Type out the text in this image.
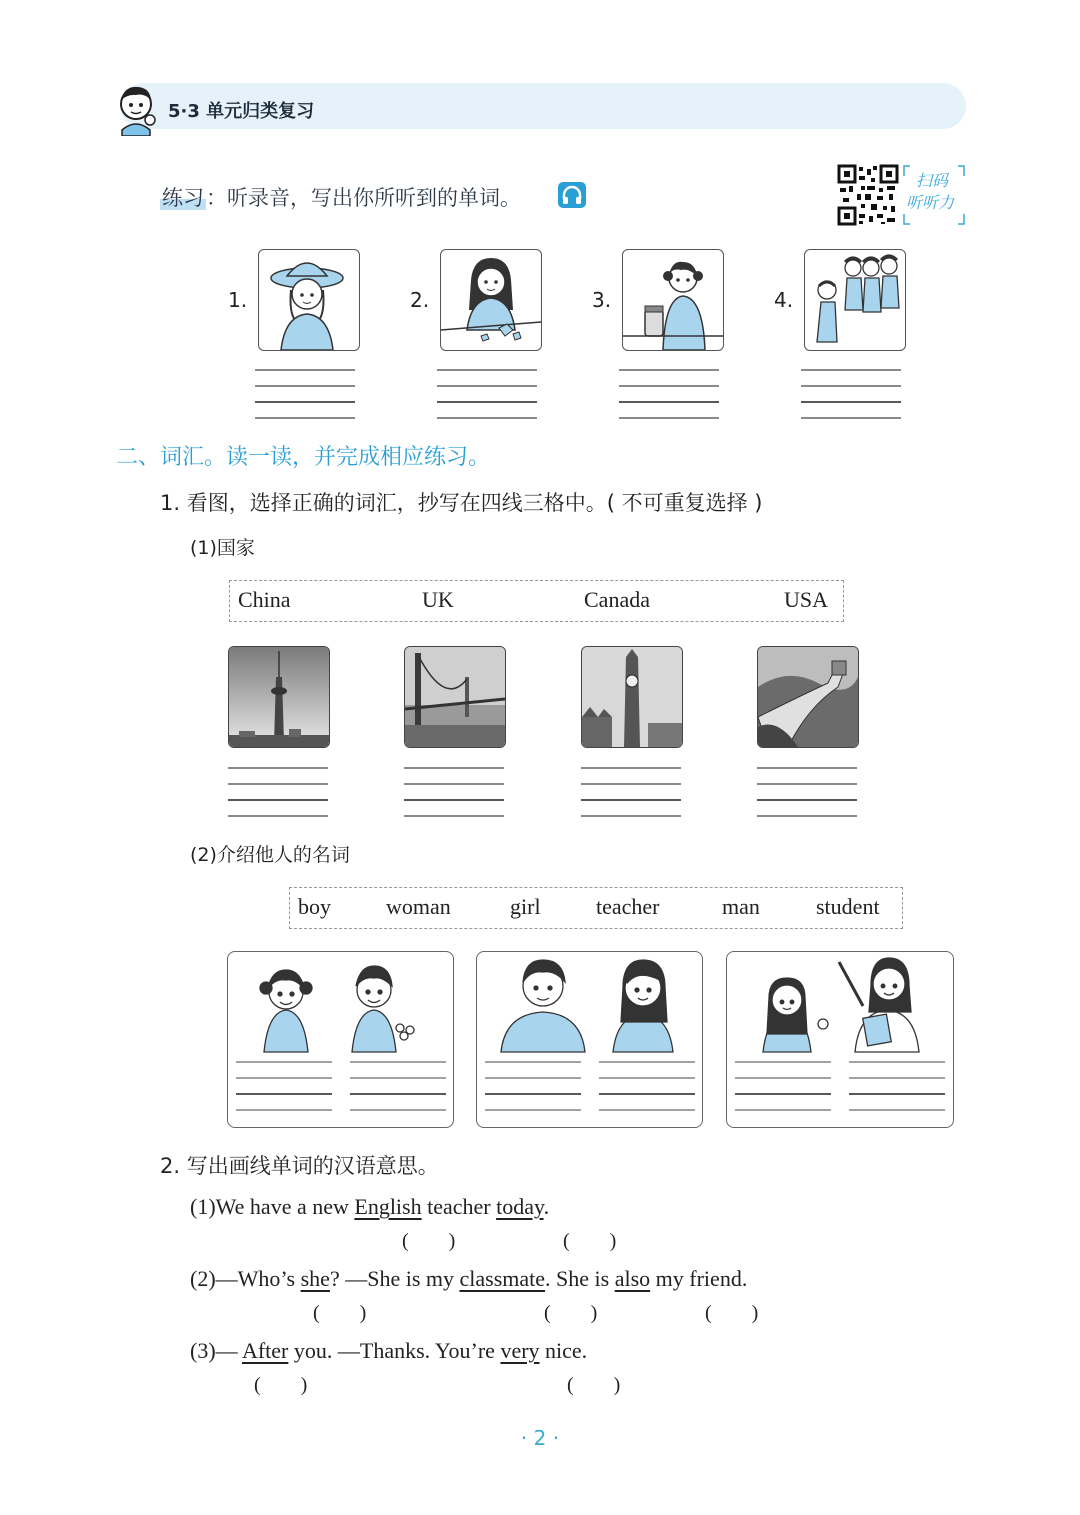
5·3 单元归类复习
练习：听录音，写出你所听到的单词。
扫码
听听力
1.	2.	3.	4.
二、词汇。读一读，并完成相应练习。
1. 看图，选择正确的词汇，抄写在四线三格中。( 不可重复选择 )
(1)国家
China	UK	Canada	USA
(2)介绍他人的名词
boy	woman	girl	teacher	man	student
2. 写出画线单词的汉语意思。
(1)We have a new English teacher today.
(        )	(        )
(2)—Who’s she? —She is my classmate. She is also my friend.
(        )	(        )	(        )
(3)— After you. —Thanks. You’re very nice.
(        )	(        )
· 2 ·
